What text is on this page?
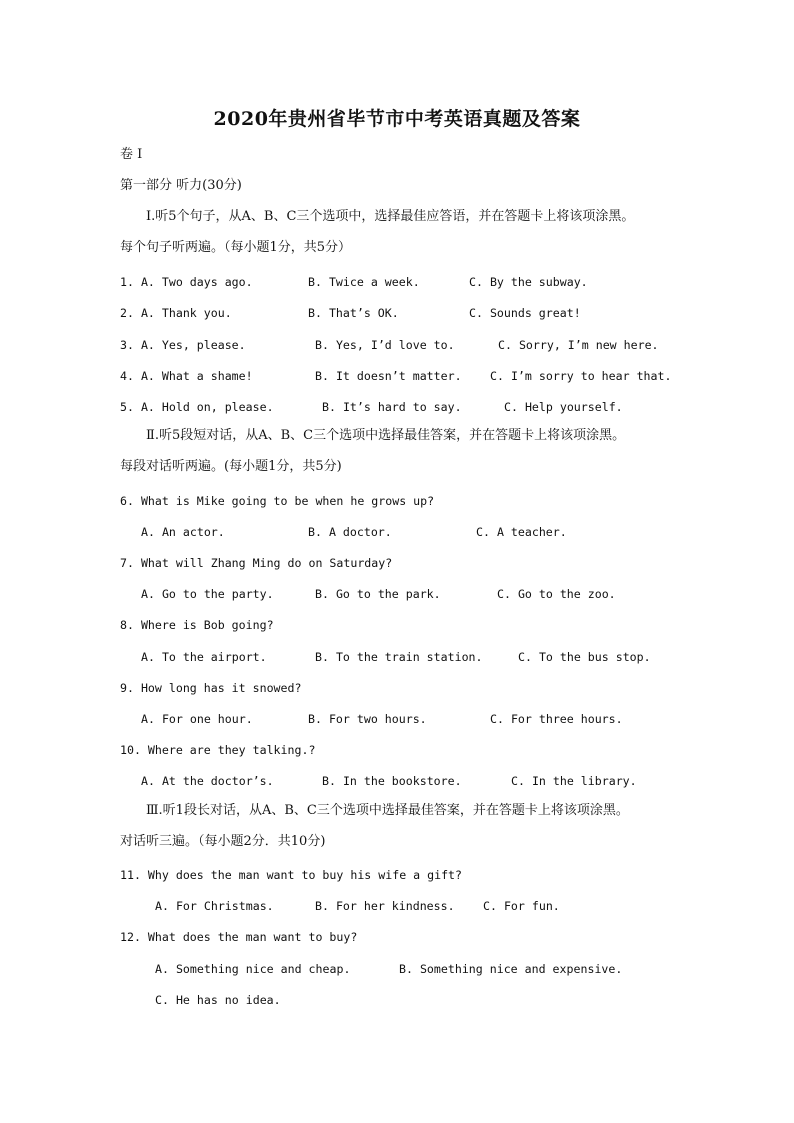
2020年贵州省毕节市中考英语真题及答案
卷 Ⅰ
第一部分 听力(30分)
Ⅰ.听5个句子，从A、B、C三个选项中，选择最佳应答语，并在答题卡上将该项涂黑。
每个句子听两遍。（每小题1分，共5分）
1. A. Two days ago.	B. Twice a week.	C. By the subway.
2. A. Thank you.	B. That’s OK.	C. Sounds great!
3. A. Yes, please.	B. Yes, I’d love to.	C. Sorry, I’m new here.
4. A. What a shame!	B. It doesn’t matter. C. I’m sorry to hear that.
5. A. Hold on, please.	B. It’s hard to say.	C. Help yourself.
Ⅱ.听5段短对话，从A、B、C三个选项中选择最佳答案，并在答题卡上将该项涂黑。
每段对话听两遍。(每小题1分，共5分)
6. What is Mike going to be when he grows up?
A. An actor.	B. A doctor.	C. A teacher.
7. What will Zhang Ming do on Saturday?
A. Go to the party.	B. Go to the park.	C. Go to the zoo.
8. Where is Bob going?
A. To the airport.	B. To the train station.	C. To the bus stop.
9. How long has it snowed?
A. For one hour.	B. For two hours.	C. For three hours.
10. Where are they talking.?
A. At the doctor’s.	B. In the bookstore.	C. In the library.
Ⅲ.听1段长对话，从A、B、C三个选项中选择最佳答案，并在答题卡上将该项涂黑。
对话听三遍。（每小题2分．共10分)
11. Why does the man want to buy his wife a gift?
A. For Christmas.	B. For her kindness. C. For fun.
12. What does the man want to buy?
A. Something nice and cheap.	B. Something nice and expensive.
C. He has no idea.
